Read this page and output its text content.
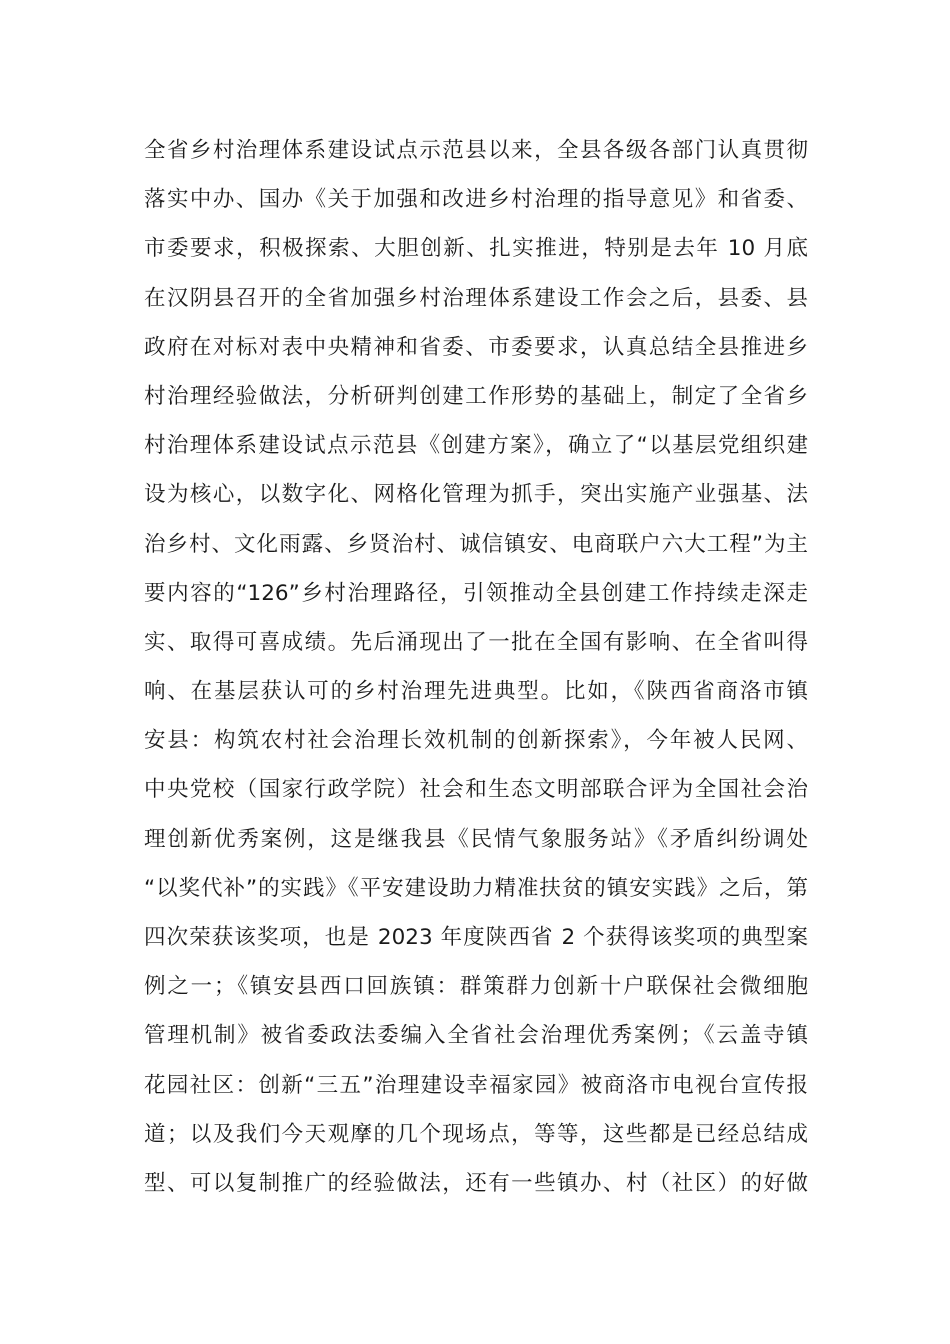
全省乡村治理体系建设试点示范县以来，全县各级各部门认真贯彻
落实中办、国办《关于加强和改进乡村治理的指导意见》和省委、
市委要求，积极探索、大胆创新、扎实推进，特别是去年 10 月底
在汉阴县召开的全省加强乡村治理体系建设工作会之后，县委、县
政府在对标对表中央精神和省委、市委要求，认真总结全县推进乡
村治理经验做法，分析研判创建工作形势的基础上，制定了全省乡
村治理体系建设试点示范县《创建方案》，确立了“以基层党组织建
设为核心，以数字化、网格化管理为抓手，突出实施产业强基、法
治乡村、文化雨露、乡贤治村、诚信镇安、电商联户六大工程”为主
要内容的“126”乡村治理路径，引领推动全县创建工作持续走深走
实、取得可喜成绩。先后涌现出了一批在全国有影响、在全省叫得
响、在基层获认可的乡村治理先进典型。比如，《陕西省商洛市镇
安县：构筑农村社会治理长效机制的创新探索》，今年被人民网、
中央党校（国家行政学院）社会和生态文明部联合评为全国社会治
理创新优秀案例，这是继我县《民情气象服务站》《矛盾纠纷调处
“以奖代补”的实践》《平安建设助力精准扶贫的镇安实践》之后，第
四次荣获该奖项，也是 2023 年度陕西省 2 个获得该奖项的典型案
例之一；《镇安县西口回族镇：群策群力创新十户联保社会微细胞
管理机制》被省委政法委编入全省社会治理优秀案例；《云盖寺镇
花园社区：创新“三五”治理建设幸福家园》被商洛市电视台宣传报
道；以及我们今天观摩的几个现场点，等等，这些都是已经总结成
型、可以复制推广的经验做法，还有一些镇办、村（社区）的好做
